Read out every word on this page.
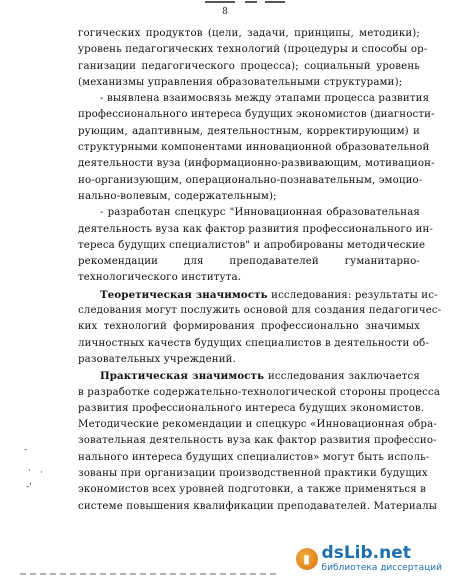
8
гогических продуктов (цели, задачи, принципы, методики);
уровень педагогических технологий (процедуры и способы ор-
ганизации педагогического процесса); социальный уровень
(механизмы управления образовательными структурами);
- выявлена взаимосвязь между этапами процесса развития
профессионального интереса будущих экономистов (диагности-
рующим, адаптивным, деятельностным, корректирующим) и
структурными компонентами инновационной образовательной
деятельности вуза (информационно-развивающим, мотивацион-
но-организующим, операционально-познавательным, эмоцио-
нально-волевым, содержательным);
- разработан спецкурс "Инновационная образовательная
деятельность вуза как фактор развития профессионального ин-
тереса будущих специалистов" и апробированы методические
рекомендации для преподавателей гуманитарно-
технологического института.
Теоретическая значимость исследования: результаты ис-
следования могут послужить основой для создания педагогичес-
ких технологий формирования профессионально значимых
личностных качеств будущих специалистов в деятельности об-
разовательных учреждений.
Практическая значимость исследования заключается
в разработке содержательно-технологической стороны процесса
развития профессионального интереса будущих экономистов.
Методические рекомендации и спецкурс «Инновационная обра-
зовательная деятельность вуза как фактор развития профессио-
нального интереса будущих специалистов» могут быть исполь-
зованы при организации производственной практики будущих
экономистов всех уровней подготовки, а также применяться в
системе повышения квалификации преподавателей. Материалы
-
·
-'
·
▮ dsLib.net
библиотека диссертаций
